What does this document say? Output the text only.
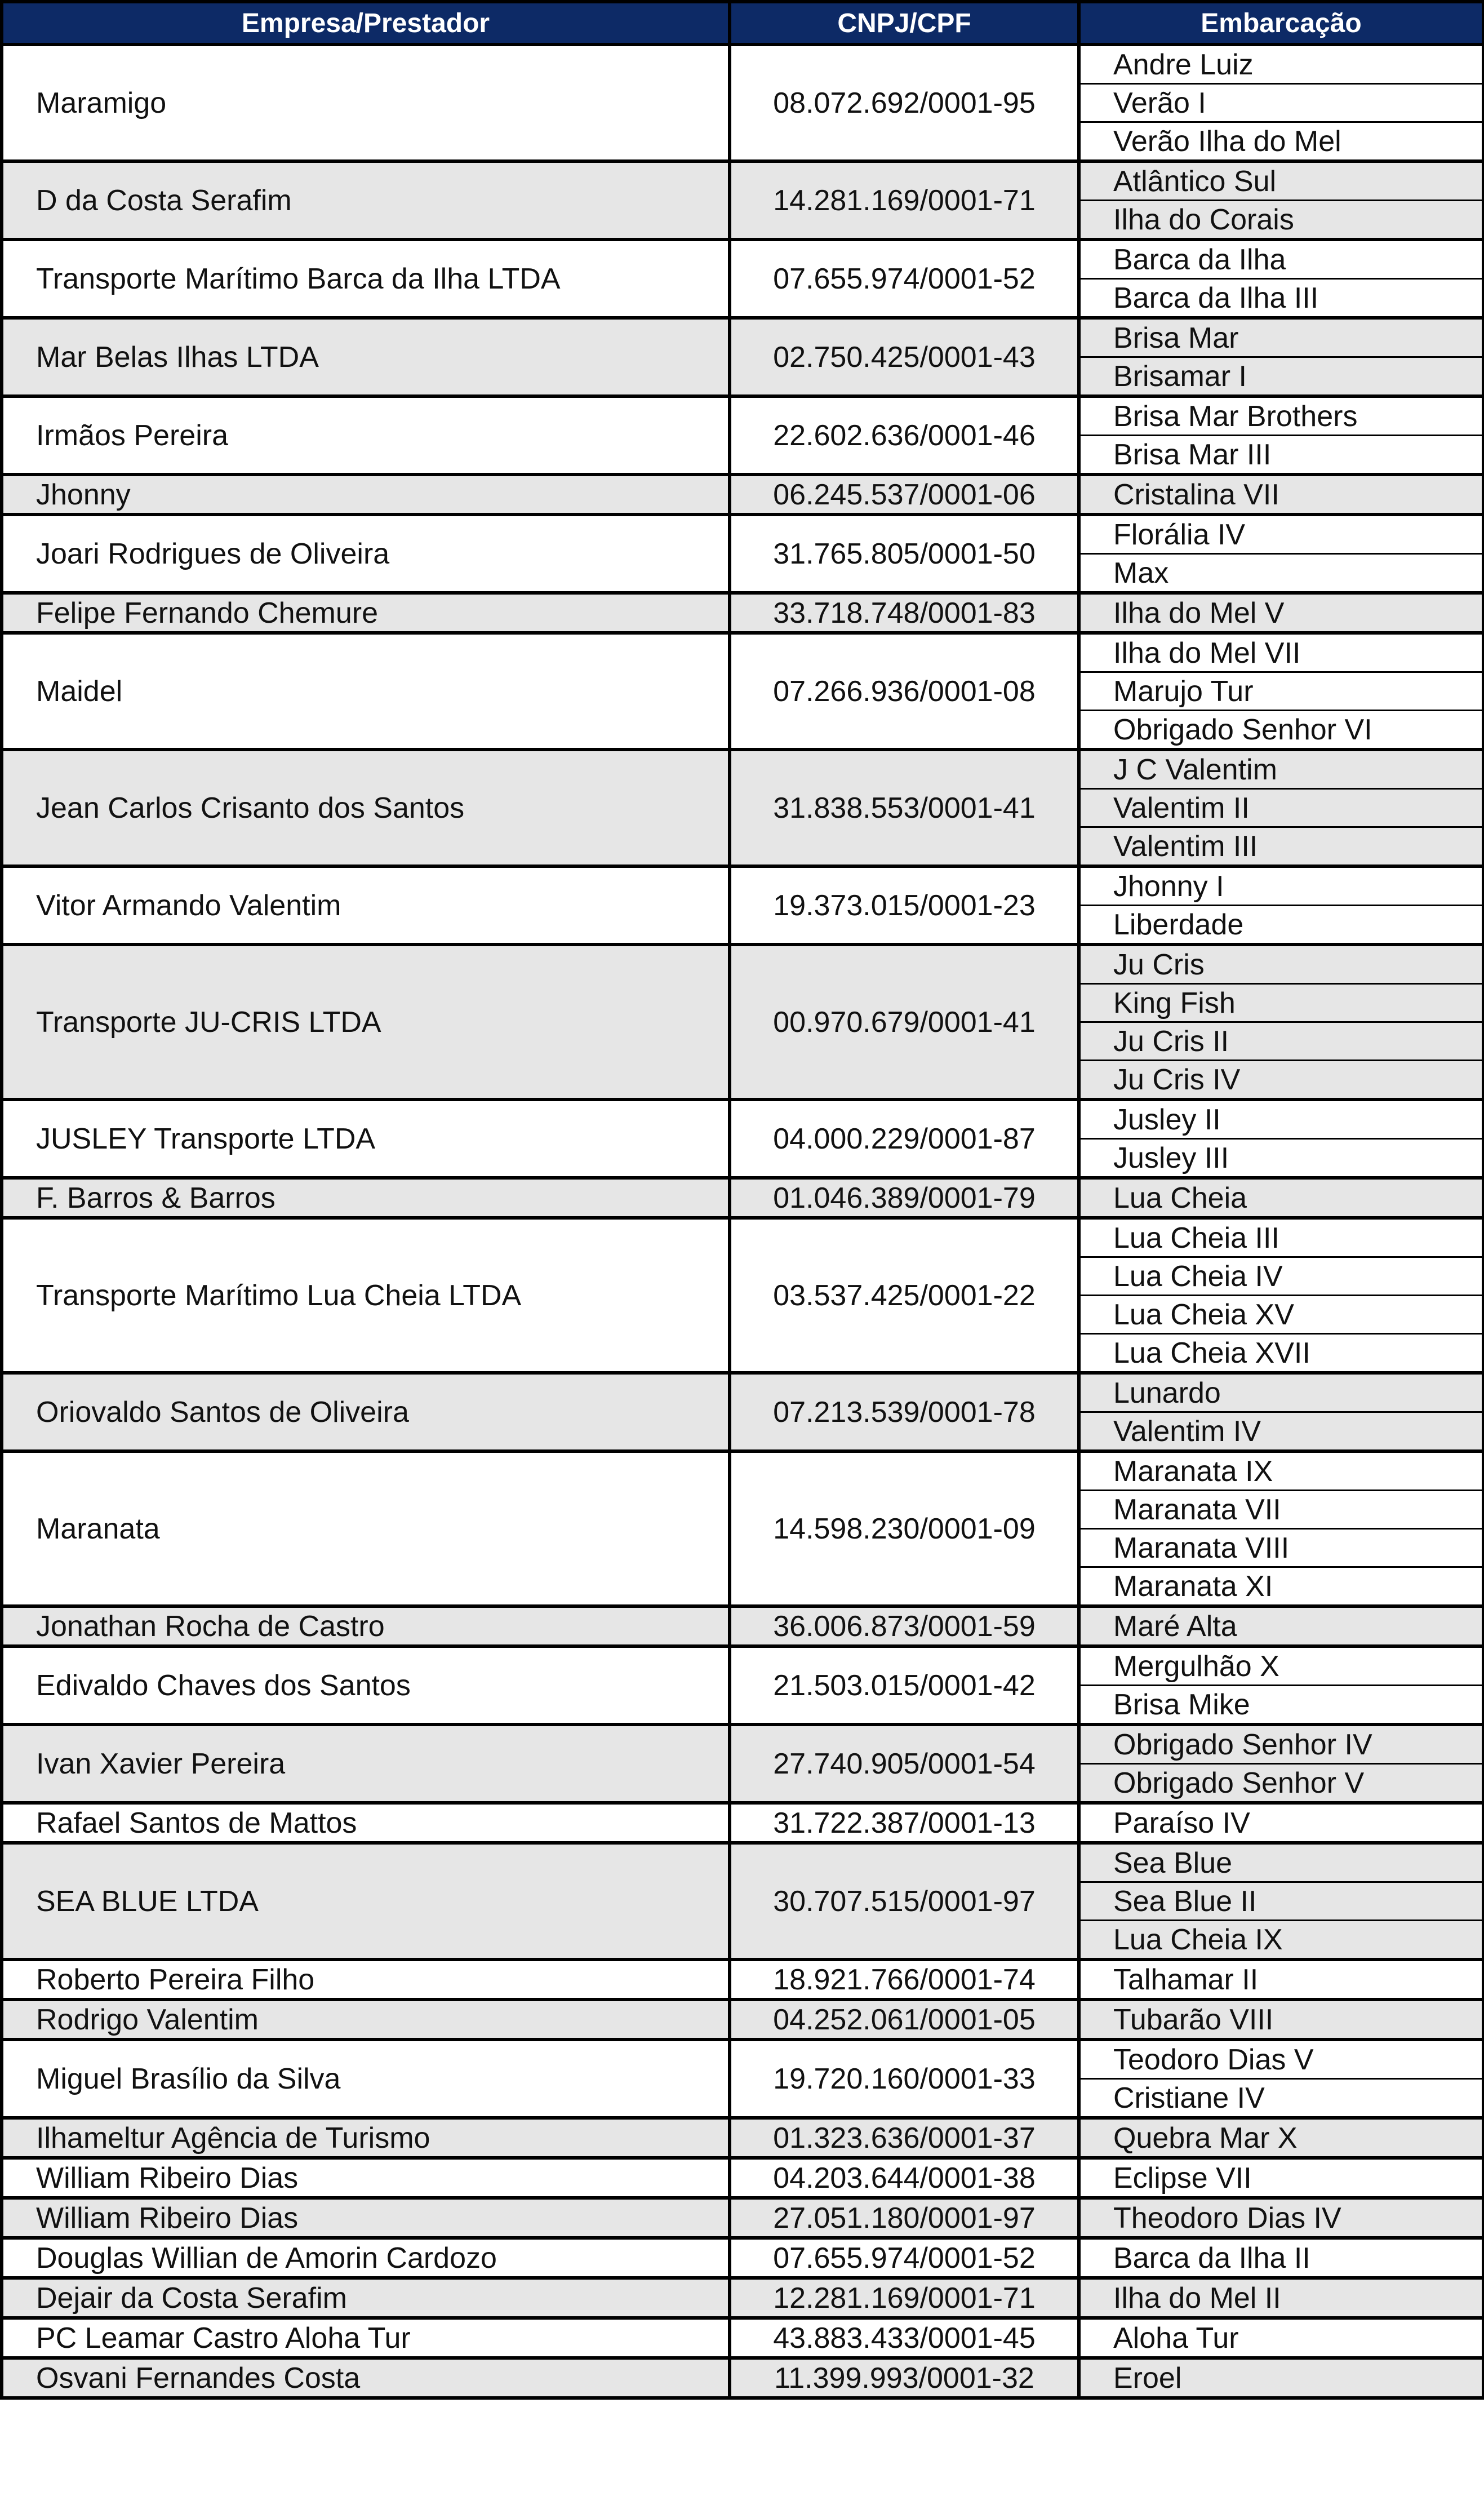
Empresa/Prestador	CNPJ/CPF	Embarcação
Maramigo	08.072.692/0001-95	Andre Luiz
		Verão I
		Verão Ilha do Mel
D da Costa Serafim	14.281.169/0001-71	Atlântico Sul
		Ilha do Corais
Transporte Marítimo Barca da Ilha LTDA	07.655.974/0001-52	Barca da Ilha
		Barca da Ilha III
Mar Belas Ilhas LTDA	02.750.425/0001-43	Brisa Mar
		Brisamar I
Irmãos Pereira	22.602.636/0001-46	Brisa Mar Brothers
		Brisa Mar III
Jhonny	06.245.537/0001-06	Cristalina VII
Joari Rodrigues de Oliveira	31.765.805/0001-50	Florália IV
		Max
Felipe Fernando Chemure	33.718.748/0001-83	Ilha do Mel V
Maidel	07.266.936/0001-08	Ilha do Mel VII
		Marujo Tur
		Obrigado Senhor VI
Jean Carlos Crisanto dos Santos	31.838.553/0001-41	J C Valentim
		Valentim II
		Valentim III
Vitor Armando Valentim	19.373.015/0001-23	Jhonny I
		Liberdade
Transporte JU-CRIS LTDA	00.970.679/0001-41	Ju Cris
		King Fish
		Ju Cris II
		Ju Cris IV
JUSLEY Transporte LTDA	04.000.229/0001-87	Jusley II
		Jusley III
F. Barros & Barros	01.046.389/0001-79	Lua Cheia
Transporte Marítimo Lua Cheia LTDA	03.537.425/0001-22	Lua Cheia III
		Lua Cheia IV
		Lua Cheia XV
		Lua Cheia XVII
Oriovaldo Santos de Oliveira	07.213.539/0001-78	Lunardo
		Valentim IV
Maranata	14.598.230/0001-09	Maranata IX
		Maranata VII
		Maranata VIII
		Maranata XI
Jonathan Rocha de Castro	36.006.873/0001-59	Maré Alta
Edivaldo Chaves dos Santos	21.503.015/0001-42	Mergulhão X
		Brisa Mike
Ivan Xavier Pereira	27.740.905/0001-54	Obrigado Senhor IV
		Obrigado Senhor V
Rafael Santos de Mattos	31.722.387/0001-13	Paraíso IV
SEA BLUE LTDA	30.707.515/0001-97	Sea Blue
		Sea Blue II
		Lua Cheia IX
Roberto Pereira Filho	18.921.766/0001-74	Talhamar II
Rodrigo Valentim	04.252.061/0001-05	Tubarão VIII
Miguel Brasílio da Silva	19.720.160/0001-33	Teodoro Dias V
		Cristiane IV
Ilhameltur Agência de Turismo	01.323.636/0001-37	Quebra Mar X
William Ribeiro Dias	04.203.644/0001-38	Eclipse VII
William Ribeiro Dias	27.051.180/0001-97	Theodoro Dias IV
Douglas Willian de Amorin Cardozo	07.655.974/0001-52	Barca da Ilha II
Dejair da Costa Serafim	12.281.169/0001-71	Ilha do Mel II
PC Leamar Castro Aloha Tur	43.883.433/0001-45	Aloha Tur
Osvani Fernandes Costa	11.399.993/0001-32	Eroel
